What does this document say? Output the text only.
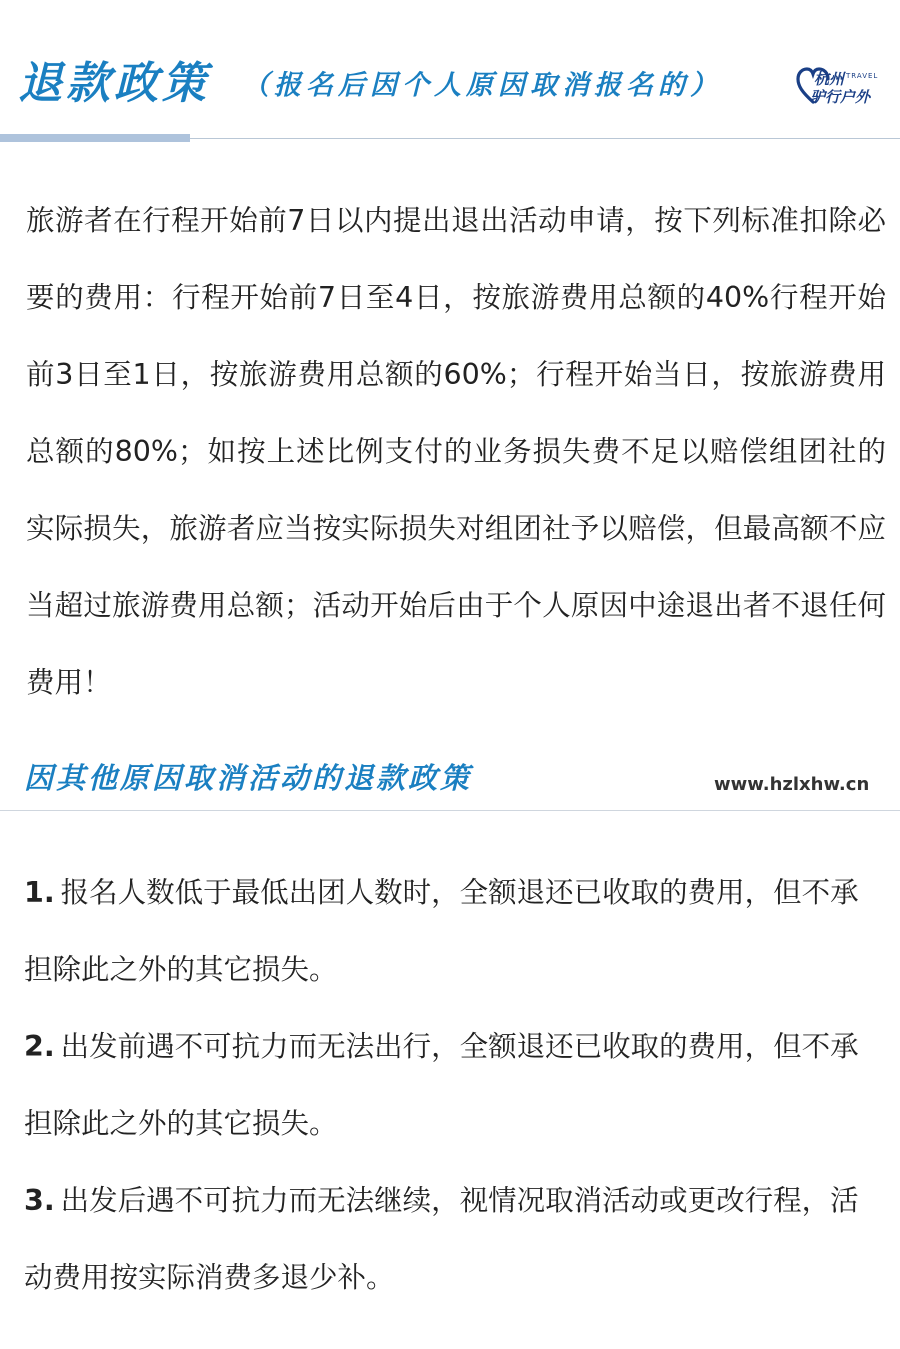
退款政策 （报名后因个人原因取消报名的）	杭州 TRAVEL
驴行户外

旅游者在行程开始前7日以内提出退出活动申请，按下列标准扣除必要的费用：行程开始前7日至4日，按旅游费用总额的40%行程开始前3日至1日，按旅游费用总额的60%；行程开始当日，按旅游费用总额的80%；如按上述比例支付的业务损失费不足以赔偿组团社的实际损失，旅游者应当按实际损失对组团社予以赔偿，但最高额不应当超过旅游费用总额；活动开始后由于个人原因中途退出者不退任何费用！

因其他原因取消活动的退款政策	www.hzlxhw.cn

1. 报名人数低于最低出团人数时，全额退还已收取的费用，但不承担除此之外的其它损失。

2. 出发前遇不可抗力而无法出行，全额退还已收取的费用，但不承担除此之外的其它损失。

3. 出发后遇不可抗力而无法继续，视情况取消活动或更改行程，活动费用按实际消费多退少补。
